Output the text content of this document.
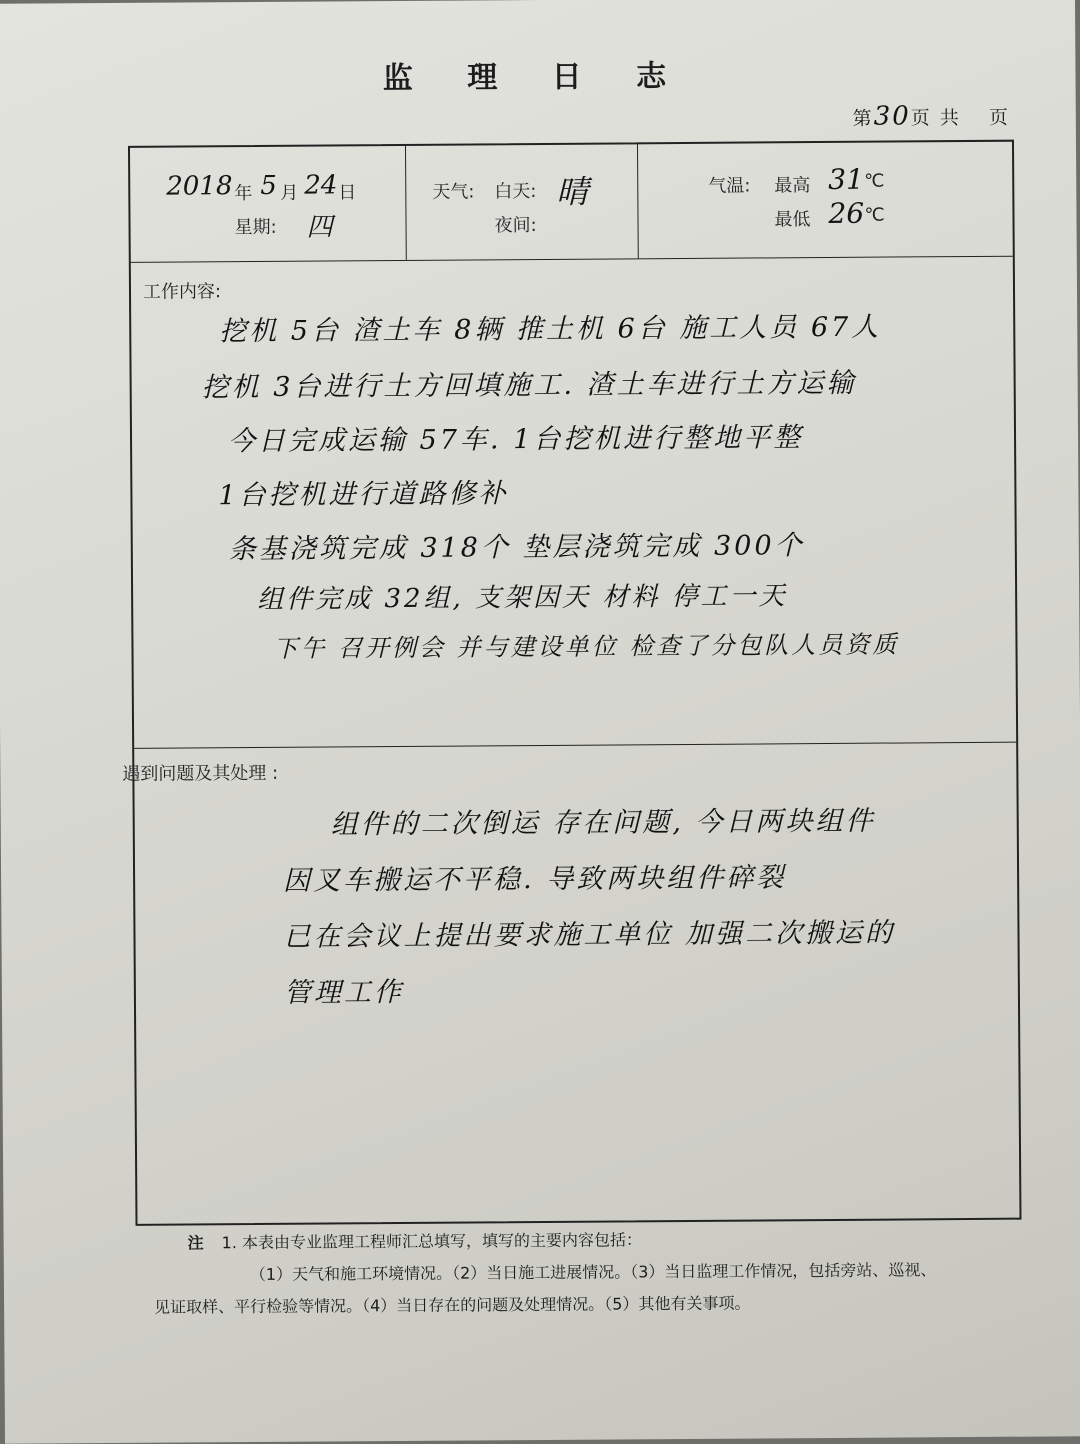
监 理 日 志
第30页 共 页
2018 年 5 月 24 日
星期: 四
天气: 白天: 晴
夜间:
气温: 最高 31 ℃
最低 26 ℃
工作内容:
挖机 5台 渣土车 8辆 推土机 6台 施工人员 67人
挖机 3台进行土方回填施工. 渣土车进行土方运输
今日完成运输 57车. 1台挖机进行整地平整
1台挖机进行道路修补
条基浇筑完成 318个 垫层浇筑完成 300个
组件完成 32组, 支架因天 材料 停工一天
下午 召开例会 并与建设单位 检查了分包队人员资质
遇到问题及其处理 :
组件的二次倒运 存在问题, 今日两块组件
因叉车搬运不平稳. 导致两块组件碎裂
已在会议上提出要求施工单位 加强二次搬运的
管理工作
注 1. 本表由专业监理工程师汇总填写，填写的主要内容包括：
（1）天气和施工环境情况。（2）当日施工进展情况。（3）当日监理工作情况，包括旁站、巡视、
见证取样、平行检验等情况。（4）当日存在的问题及处理情况。（5）其他有关事项。
